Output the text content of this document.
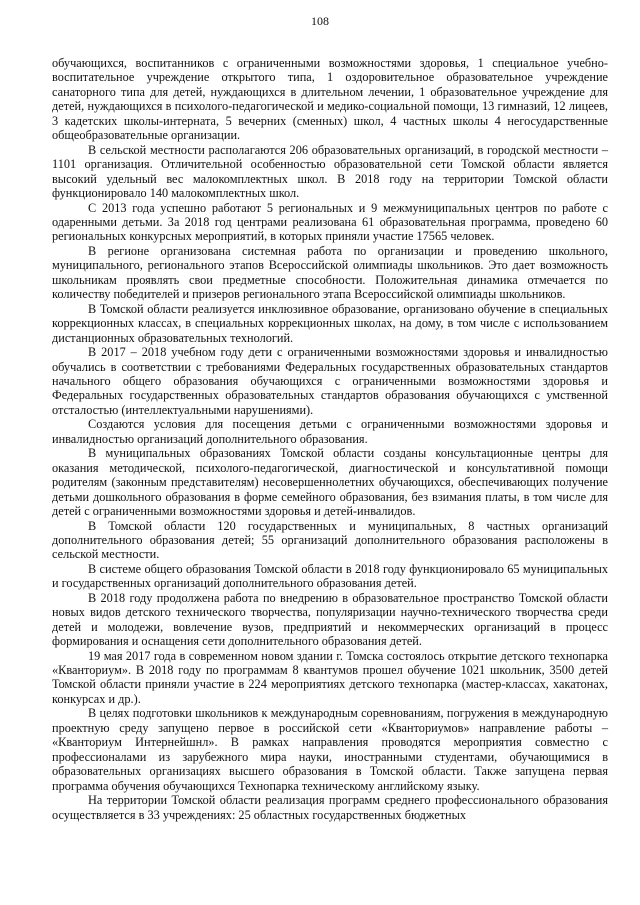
108

обучающихся, воспитанников с ограниченными возможностями здоровья, 1 специальное учебно-воспитательное учреждение открытого типа, 1 оздоровительное образовательное учреждение санаторного типа для детей, нуждающихся в длительном лечении, 1 образовательное учреждение для детей, нуждающихся в психолого-педагогической и медико-социальной помощи, 13 гимназий, 12 лицеев, 3 кадетских школы-интерната, 5 вечерних (сменных) школ, 4 частных школы 4 негосударственные общеобразовательные организации.

В сельской местности располагаются 206 образовательных организаций, в городской местности – 1101 организация. Отличительной особенностью образовательной сети Томской области является высокий удельный вес малокомплектных школ. В 2018 году на территории Томской области функционировало 140 малокомплектных школ.

С 2013 года успешно работают 5 региональных и 9 межмуниципальных центров по работе с одаренными детьми. За 2018 год центрами реализована 61 образовательная программа, проведено 60 региональных конкурсных мероприятий, в которых приняли участие 17565 человек.

В регионе организована системная работа по организации и проведению школьного, муниципального, регионального этапов Всероссийской олимпиады школьников. Это дает возможность школьникам проявлять свои предметные способности. Положительная динамика отмечается по количеству победителей и призеров регионального этапа Всероссийской олимпиады школьников.

В Томской области реализуется инклюзивное образование, организовано обучение в специальных коррекционных классах, в специальных коррекционных школах, на дому, в том числе с использованием дистанционных образовательных технологий.

В 2017 – 2018 учебном году дети с ограниченными возможностями здоровья и инвалидностью обучались в соответствии с требованиями Федеральных государственных образовательных стандартов начального общего образования обучающихся с ограниченными возможностями здоровья и Федеральных государственных образовательных стандартов образования обучающихся с умственной отсталостью (интеллектуальными нарушениями).

Создаются условия для посещения детьми с ограниченными возможностями здоровья и инвалидностью организаций дополнительного образования.

В муниципальных образованиях Томской области созданы консультационные центры для оказания методической, психолого-педагогической, диагностической и консультативной помощи родителям (законным представителям) несовершеннолетних обучающихся, обеспечивающих получение детьми дошкольного образования в форме семейного образования, без взимания платы, в том числе для детей с ограниченными возможностями здоровья и детей-инвалидов.

В Томской области 120 государственных и муниципальных, 8 частных организаций дополнительного образования детей; 55 организаций дополнительного образования расположены в сельской местности.

В системе общего образования Томской области в 2018 году функционировало 65 муниципальных и государственных организаций дополнительного образования детей.

В 2018 году продолжена работа по внедрению в образовательное пространство Томской области новых видов детского технического творчества, популяризации научно-технического творчества среди детей и молодежи, вовлечение вузов, предприятий и некоммерческих организаций в процесс формирования и оснащения сети дополнительного образования детей.

19 мая 2017 года в современном новом здании г. Томска состоялось открытие детского технопарка «Кванториум». В 2018 году по программам 8 квантумов прошел обучение 1021 школьник, 3500 детей Томской области приняли участие в 224 мероприятиях детского технопарка (мастер-классах, хакатонах, конкурсах и др.).

В целях подготовки школьников к международным соревнованиям, погружения в международную проектную среду запущено первое в российской сети «Кванториумов» направление работы – «Кванториум Интернейшнл». В рамках направления проводятся мероприятия совместно с профессионалами из зарубежного мира науки, иностранными студентами, обучающимися в образовательных организациях высшего образования в Томской области. Также запущена первая программа обучения обучающихся Технопарка техническому английскому языку.

На территории Томской области реализация программ среднего профессионального образования осуществляется в 33 учреждениях: 25 областных государственных бюджетных
